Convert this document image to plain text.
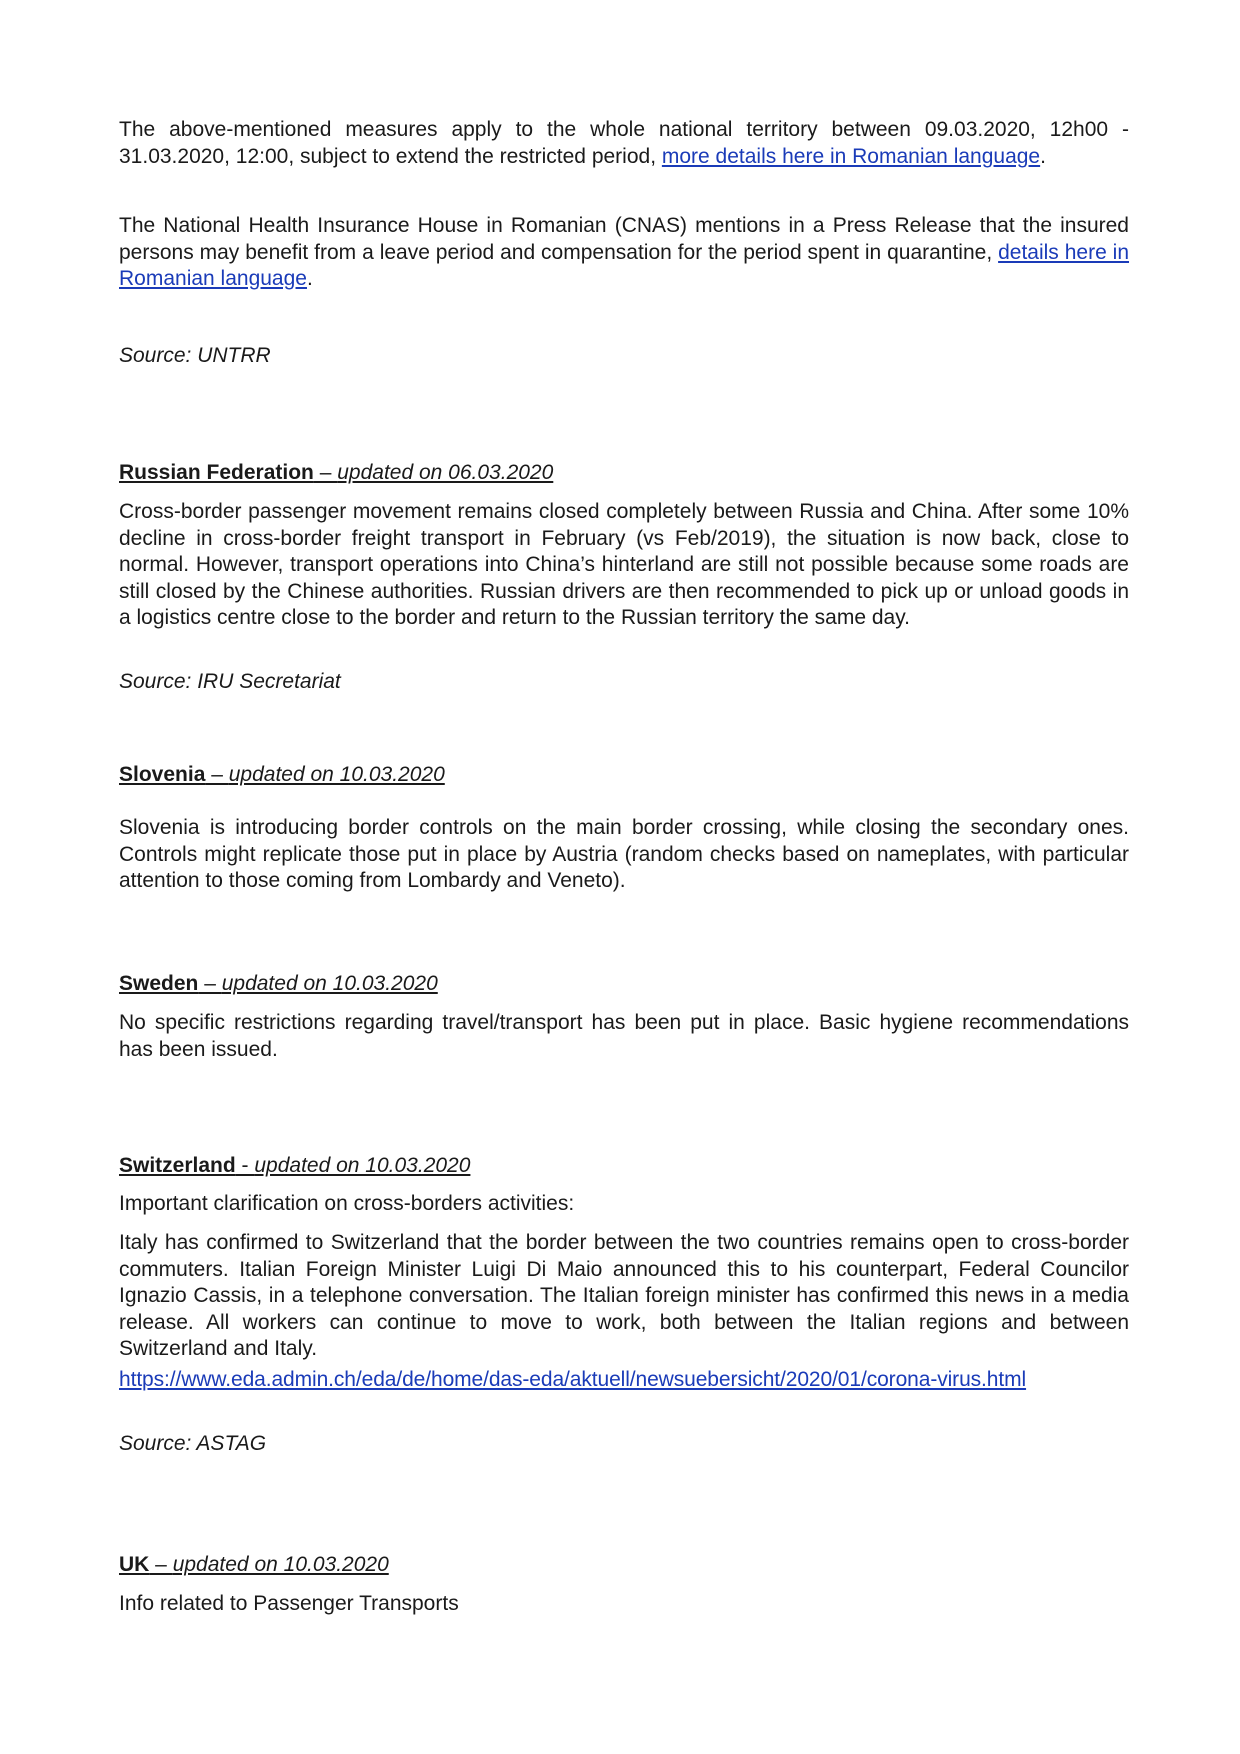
The above-mentioned measures apply to the whole national territory between 09.03.2020, 12h00 - 31.03.2020, 12:00, subject to extend the restricted period, more details here in Romanian language.

The National Health Insurance House in Romanian (CNAS) mentions in a Press Release that the insured persons may benefit from a leave period and compensation for the period spent in quarantine, details here in Romanian language.

Source: UNTRR

Russian Federation – updated on 06.03.2020

Cross-border passenger movement remains closed completely between Russia and China. After some 10% decline in cross-border freight transport in February (vs Feb/2019), the situation is now back, close to normal. However, transport operations into China’s hinterland are still not possible because some roads are still closed by the Chinese authorities. Russian drivers are then recommended to pick up or unload goods in a logistics centre close to the border and return to the Russian territory the same day.

Source: IRU Secretariat

Slovenia – updated on 10.03.2020

Slovenia is introducing border controls on the main border crossing, while closing the secondary ones. Controls might replicate those put in place by Austria (random checks based on nameplates, with particular attention to those coming from Lombardy and Veneto).

Sweden – updated on 10.03.2020

No specific restrictions regarding travel/transport has been put in place. Basic hygiene recommendations has been issued.

Switzerland - updated on 10.03.2020

Important clarification on cross-borders activities:

Italy has confirmed to Switzerland that the border between the two countries remains open to cross-border commuters. Italian Foreign Minister Luigi Di Maio announced this to his counterpart, Federal Councilor Ignazio Cassis, in a telephone conversation. The Italian foreign minister has confirmed this news in a media release. All workers can continue to move to work, both between the Italian regions and between Switzerland and Italy.

https://www.eda.admin.ch/eda/de/home/das-eda/aktuell/newsuebersicht/2020/01/corona-virus.html

Source: ASTAG

UK – updated on 10.03.2020

Info related to Passenger Transports
